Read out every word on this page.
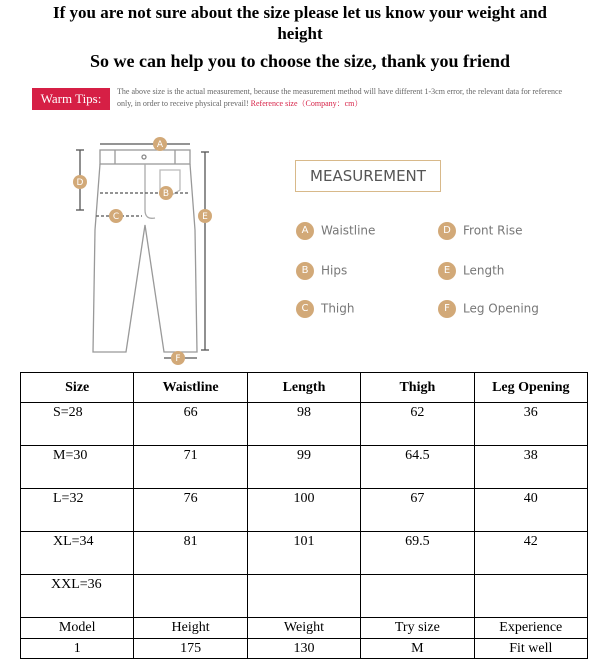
If you are not sure about the size please let us know your weight and
height
So we can help you to choose the size, thank you friend
Warm Tips:	The above size is the actual measurement, because the measurement method will have different 1-3cm error, the relevant data for reference only, in order to receive physical prevail! Reference size（Company：cm）
A
B
C
D
E
F
MEASUREMENT
A Waistline
B Hips
C Thigh
D Front Rise
E Length
F Leg Opening
Size	Waistline	Length	Thigh	Leg Opening
S=28	66	98	62	36
M=30	71	99	64.5	38
L=32	76	100	67	40
XL=34	81	101	69.5	42
XXL=36				
Model	Height	Weight	Try size	Experience
1	175	130	M	Fit well
